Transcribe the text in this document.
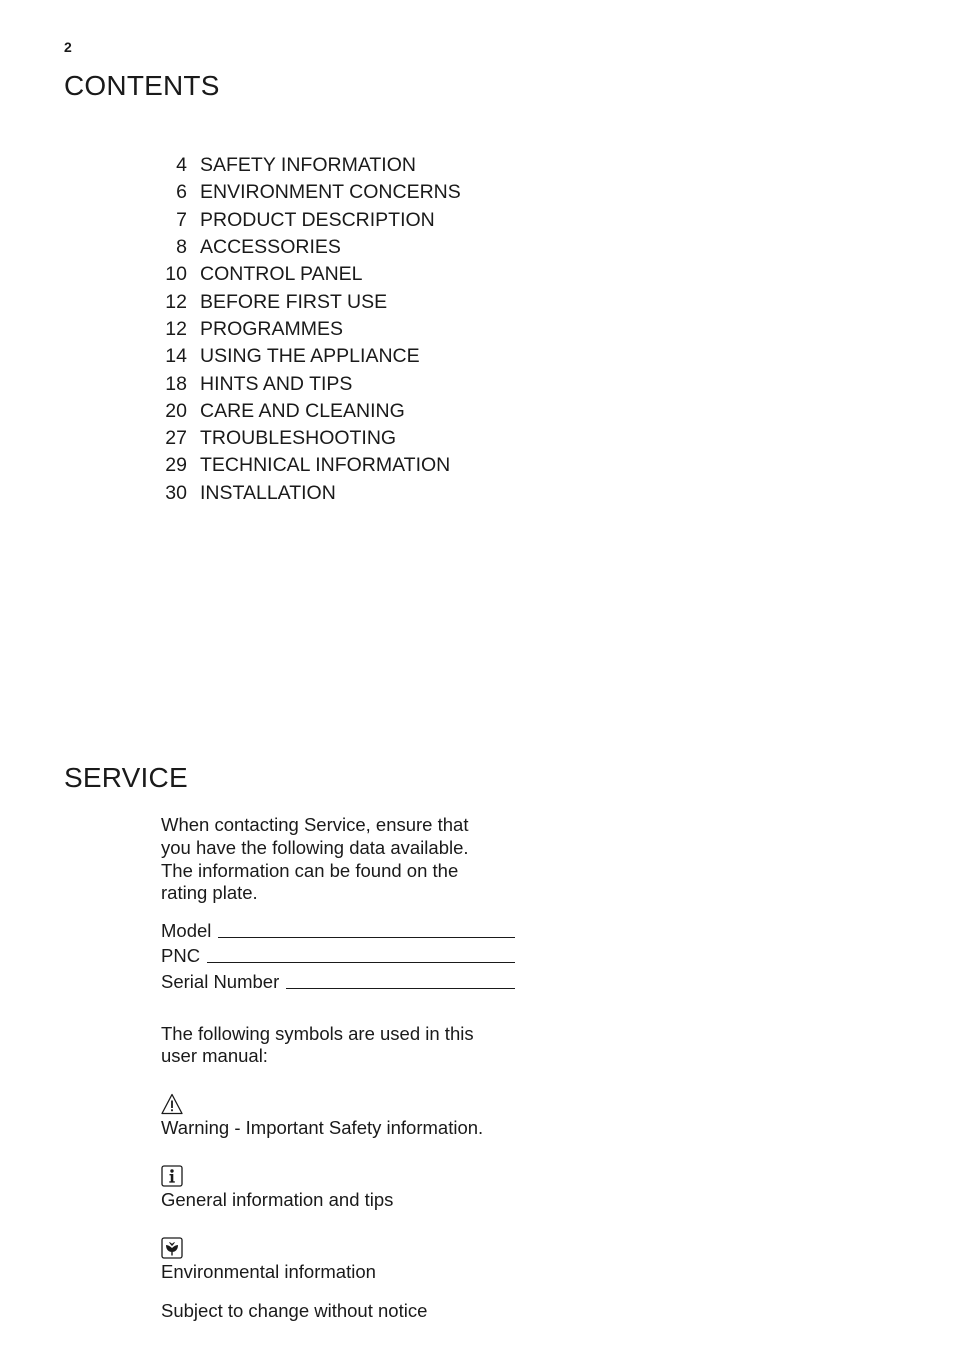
2
CONTENTS
4 SAFETY INFORMATION
6 ENVIRONMENT CONCERNS
7 PRODUCT DESCRIPTION
8 ACCESSORIES
10 CONTROL PANEL
12 BEFORE FIRST USE
12 PROGRAMMES
14 USING THE APPLIANCE
18 HINTS AND TIPS
20 CARE AND CLEANING
27 TROUBLESHOOTING
29 TECHNICAL INFORMATION
30 INSTALLATION
SERVICE

When contacting Service, ensure that
you have the following data available.
The information can be found on the
rating plate.

Model
PNC
Serial Number

The following symbols are used in this
user manual:

Warning - Important Safety information.
General information and tips
Environmental information

Subject to change without notice
